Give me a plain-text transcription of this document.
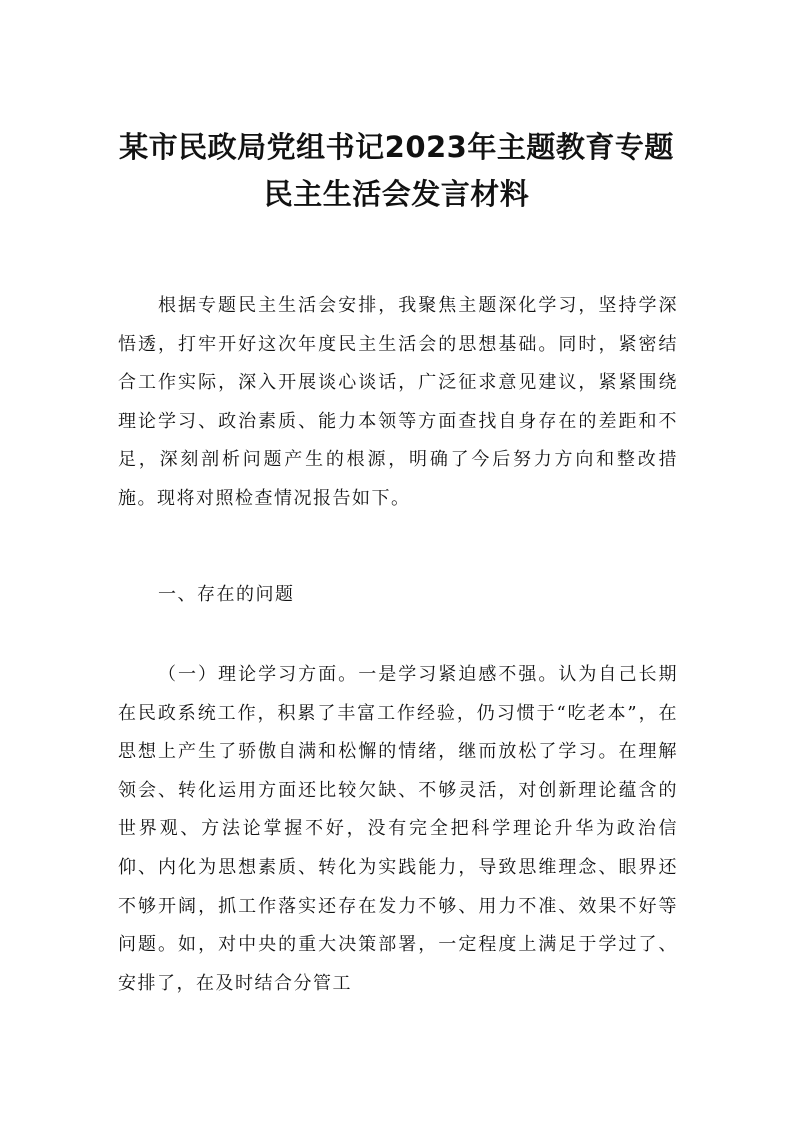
某市民政局党组书记2023年主题教育专题
民主生活会发言材料

根据专题民主生活会安排，我聚焦主题深化学习，坚持学深悟透，打牢开好这次年度民主生活会的思想基础。同时，紧密结合工作实际，深入开展谈心谈话，广泛征求意见建议，紧紧围绕理论学习、政治素质、能力本领等方面查找自身存在的差距和不足，深刻剖析问题产生的根源，明确了今后努力方向和整改措施。现将对照检查情况报告如下。

一、存在的问题

（一）理论学习方面。一是学习紧迫感不强。认为自己长期在民政系统工作，积累了丰富工作经验，仍习惯于“吃老本”，在思想上产生了骄傲自满和松懈的情绪，继而放松了学习。在理解领会、转化运用方面还比较欠缺、不够灵活，对创新理论蕴含的世界观、方法论掌握不好，没有完全把科学理论升华为政治信仰、内化为思想素质、转化为实践能力，导致思维理念、眼界还不够开阔，抓工作落实还存在发力不够、用力不准、效果不好等问题。如，对中央的重大决策部署，一定程度上满足于学过了、安排了，在及时结合分管工
